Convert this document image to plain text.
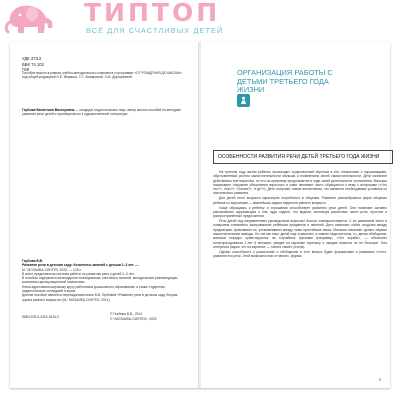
ТИПТОП
ВСЁ ДЛЯ СЧАСТЛИВЫХ ДЕТЕЙ
УДК 373.2
ББК 74.102
Г68
Пособие вышло в рамках учебно-методического комплекта к программе «ОТ РОЖДЕНИЯ ДО ШКОЛЫ» под общей редакцией Н.Е. Вераксы, Т.С. Комаровой, Э.М. Дорофеевой.
Гербова Валентина Викторовна — кандидат педагогических наук, автор многих пособий по методике развития речи детей и приобщения их к художественной литературе.
Гербова В.В.
Развитие речи в детском саду: Конспекты занятий с детьми 2–3 лет. —
М.: МОЗАИКА-СИНТЕЗ, 2020. — 128 с.
В книге представлена система работы по развитию речи у детей 2–3 лет.
В пособии содержатся календарное планирование, конспекты занятий, методические рекомендации, комплексы артикуляционной гимнастики.
Книга адресована широкому кругу работников дошкольного образования, а также студентам педагогических колледжей и вузов.
Данное пособие является переизданием книги В.В. Гербовой «Развитие речи в детском саду. Вторая группа раннего возраста» (М.: МОЗАИКА-СИНТЕЗ, 2014).
ISBN 978-5-4315-1816-0
© Гербова В.В., 2014
© «МОЗАИКА-СИНТЕЗ», 2020
ОРГАНИЗАЦИЯ РАБОТЫ С ДЕТЬМИ ТРЕТЬЕГО ГОДА ЖИЗНИ
ОСОБЕННОСТИ РАЗВИТИЯ РЕЧИ ДЕТЕЙ ТРЕТЬЕГО ГОДА ЖИЗНИ

На третьем году жизни ребенок происходит существенный перелом в его отношениях с окружающими, обусловленный ростом самостоятельности малыша и появлением своей самостоятельности. Дети начинают действовать вне взрослых, но это по-прежнему продолжается в ходе своей деятельности стремления. Малыши показывают слушание объяснения взрослого и сами начинают часто обращаться к нему с вопросами («Что это?», «Как?», «Зачем?», «Где?»). Дети получают новые впечатления, что является необходимым условием их психического развития.

Для детей этого возраста характерна потребность в общении. Развитие разнообразных форм общения ребенка со взрослыми — важнейшая задача педагогов раннего возраста.

Чаще обращаясь к ребенку и спрашивая способствует развитию речи детей. Они начинают активно рассказывать окружающим о том, куда ходили, что видели, используя различные части речи, простые и распространенные предложения.

Речь детей под направлением руководством взрослых быстро совершенствуется. С ее развитием тесно в созвучием становится заслушивание ребенком предметов и явлений. Дети начинают найти сходство между предметами, сравнивают их, устанавливают между ними простейшие связи. Малыши начинают делать первые самостоятельные выводы. Но так как опыт детей еще ограничен, а знания недостаточны, то, делая обобщения, малыши нередко ориентируются на случайные признаки (например, «Это корабл», — объясняет полуторагодовалая 2-лет 6 месяцев, увидев на картинке черепаху и ожидая пишется ли не большое. Она интересна рядом, что на картинке — «много такие» (очень).

Однако способность к различению и обобщению в этот вопрос будет формирован и развивать оттого, развития его речи. Этой возможностью от многих, форма,

3
